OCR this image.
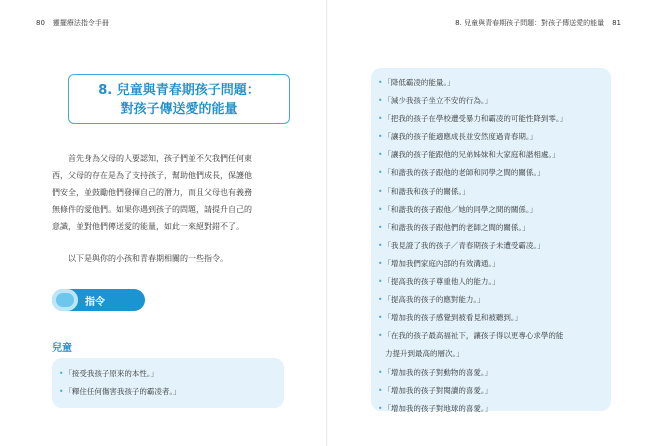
80 靈擺療法指令手冊
8. 兒童與青春期孩子問題：
對孩子傳送愛的能量
首先身為父母的人要認知，孩子們並不欠我們任何東
西，父母的存在是為了支持孩子，幫助他們成長，保護他
們安全，並鼓勵他們發揮自己的潛力，而且父母也有義務
無條件的愛他們。如果你遇到孩子的問題，請提升自己的
意識，並對他們傳送愛的能量，如此一來絕對錯不了。
以下是與你的小孩和青春期相關的一些指令。
指令
兒童
•「接受我孩子原來的本性。」
•「釋住任何傷害我孩子的霸凌者。」
8. 兒童與青春期孩子問題：對孩子傳送愛的能量 81
•「降低霸凌的能量。」
•「減少我孩子坐立不安的行為。」
•「把我的孩子在學校遭受暴力和霸凌的可能性降到零。」
•「讓我的孩子能適應成長並安然度過青春期。」
•「讓我的孩子能跟他的兄弟姊妹和大家庭和諧相處。」
•「和諧我的孩子跟他的老師和同學之間的關係。」
•「和諧我和孩子的關係。」
•「和諧我的孩子跟他／她的同學之間的關係。」
•「和諧我的孩子跟他們的老師之間的關係。」
•「我見證了我的孩子／青春期孩子未遭受霸凌。」
•「增加我們家庭內部的有效溝通。」
•「提高我的孩子尊重他人的能力。」
•「提高我的孩子的應對能力。」
•「增加我的孩子感覺到被看見和被聽到。」
•「在我的孩子最高福祉下，讓孩子得以更專心求學的能
力提升到最高的層次。」
•「增加我的孩子對動物的喜愛。」
•「增加我的孩子對閱讀的喜愛。」
•「增加我的孩子對地球的喜愛。」
